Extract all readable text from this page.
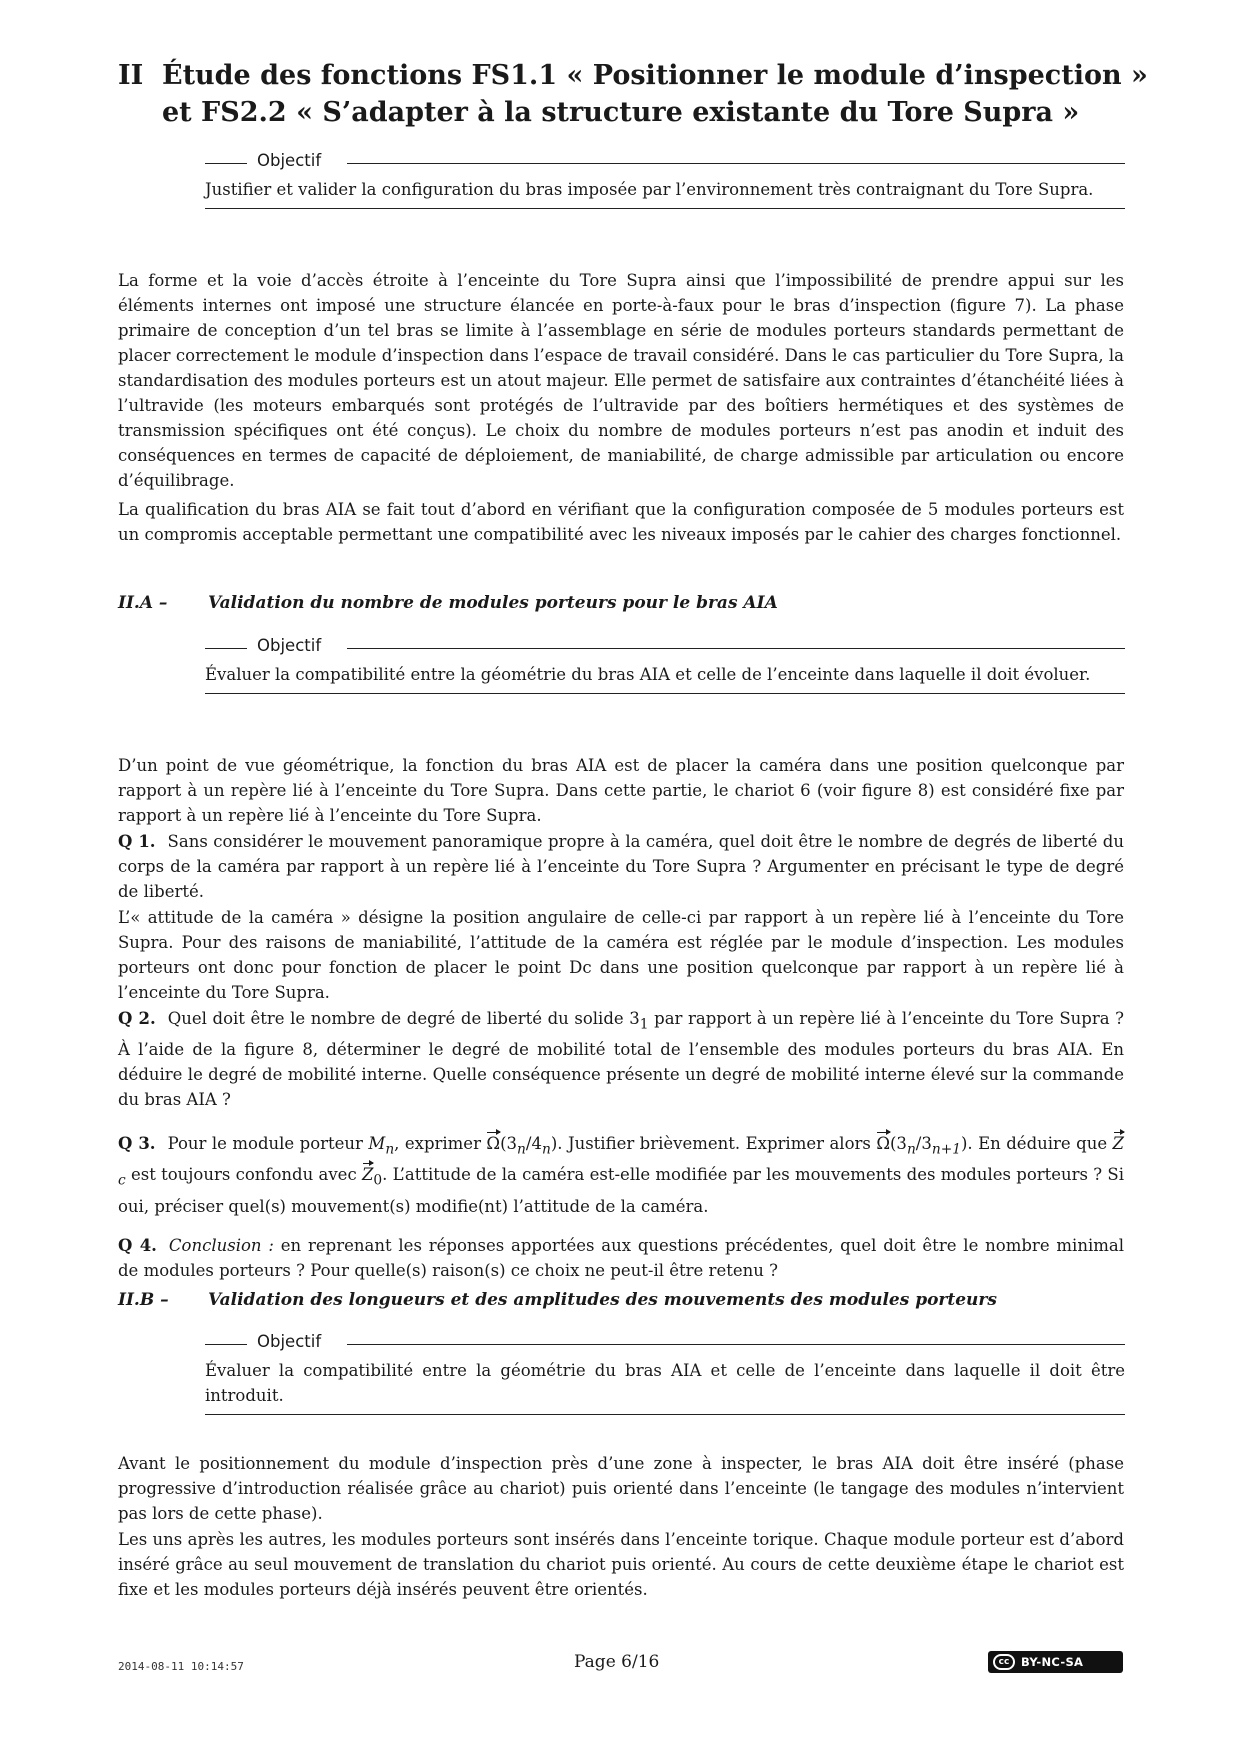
II Étude des fonctions FS1.1 « Positionner le module d’inspection »
et FS2.2 « S’adapter à la structure existante du Tore Supra »
Objectif
Justifier et valider la configuration du bras imposée par l’environnement très contraignant du Tore Supra.
La forme et la voie d’accès étroite à l’enceinte du Tore Supra ainsi que l’impossibilité de prendre appui sur les éléments internes ont imposé une structure élancée en porte-à-faux pour le bras d’inspection (figure 7). La phase primaire de conception d’un tel bras se limite à l’assemblage en série de modules porteurs standards permettant de placer correctement le module d’inspection dans l’espace de travail considéré. Dans le cas particulier du Tore Supra, la standardisation des modules porteurs est un atout majeur. Elle permet de satisfaire aux contraintes d’étanchéité liées à l’ultravide (les moteurs embarqués sont protégés de l’ultravide par des boîtiers hermétiques et des systèmes de transmission spécifiques ont été conçus). Le choix du nombre de modules porteurs n’est pas anodin et induit des conséquences en termes de capacité de déploiement, de maniabilité, de charge admissible par articulation ou encore d’équilibrage.
La qualification du bras AIA se fait tout d’abord en vérifiant que la configuration composée de 5 modules porteurs est un compromis acceptable permettant une compatibilité avec les niveaux imposés par le cahier des charges fonctionnel.
II.A – Validation du nombre de modules porteurs pour le bras AIA
Objectif
Évaluer la compatibilité entre la géométrie du bras AIA et celle de l’enceinte dans laquelle il doit évoluer.
D’un point de vue géométrique, la fonction du bras AIA est de placer la caméra dans une position quelconque par rapport à un repère lié à l’enceinte du Tore Supra. Dans cette partie, le chariot 6 (voir figure 8) est considéré fixe par rapport à un repère lié à l’enceinte du Tore Supra.
Q 1. Sans considérer le mouvement panoramique propre à la caméra, quel doit être le nombre de degrés de liberté du corps de la caméra par rapport à un repère lié à l’enceinte du Tore Supra ? Argumenter en précisant le type de degré de liberté.
L’« attitude de la caméra » désigne la position angulaire de celle-ci par rapport à un repère lié à l’enceinte du Tore Supra. Pour des raisons de maniabilité, l’attitude de la caméra est réglée par le module d’inspection. Les modules porteurs ont donc pour fonction de placer le point Dc dans une position quelconque par rapport à un repère lié à l’enceinte du Tore Supra.
Q 2. Quel doit être le nombre de degré de liberté du solide $3_1$ par rapport à un repère lié à l’enceinte du Tore Supra ? À l’aide de la figure 8, déterminer le degré de mobilité total de l’ensemble des modules porteurs du bras AIA. En déduire le degré de mobilité interne. Quelle conséquence présente un degré de mobilité interne élevé sur la commande du bras AIA ?
Q 3. Pour le module porteur $M_n$, exprimer $\Omega(3_n/4_n)$. Justifier brièvement. Exprimer alors $\Omega(3_n/3_{n+1})$. En déduire que $Z_c$ est toujours confondu avec $Z_0$. L’attitude de la caméra est-elle modifiée par les mouvements des modules porteurs ? Si oui, préciser quel(s) mouvement(s) modifie(nt) l’attitude de la caméra.
Q 4. Conclusion : en reprenant les réponses apportées aux questions précédentes, quel doit être le nombre minimal de modules porteurs ? Pour quelle(s) raison(s) ce choix ne peut-il être retenu ?
II.B – Validation des longueurs et des amplitudes des mouvements des modules porteurs
Objectif
Évaluer la compatibilité entre la géométrie du bras AIA et celle de l’enceinte dans laquelle il doit être introduit.
Avant le positionnement du module d’inspection près d’une zone à inspecter, le bras AIA doit être inséré (phase progressive d’introduction réalisée grâce au chariot) puis orienté dans l’enceinte (le tangage des modules n’intervient pas lors de cette phase).
Les uns après les autres, les modules porteurs sont insérés dans l’enceinte torique. Chaque module porteur est d’abord inséré grâce au seul mouvement de translation du chariot puis orienté. Au cours de cette deuxième étape le chariot est fixe et les modules porteurs déjà insérés peuvent être orientés.
2014-08-11 10:14:57	Page 6/16	cc	BY-NC-SA
